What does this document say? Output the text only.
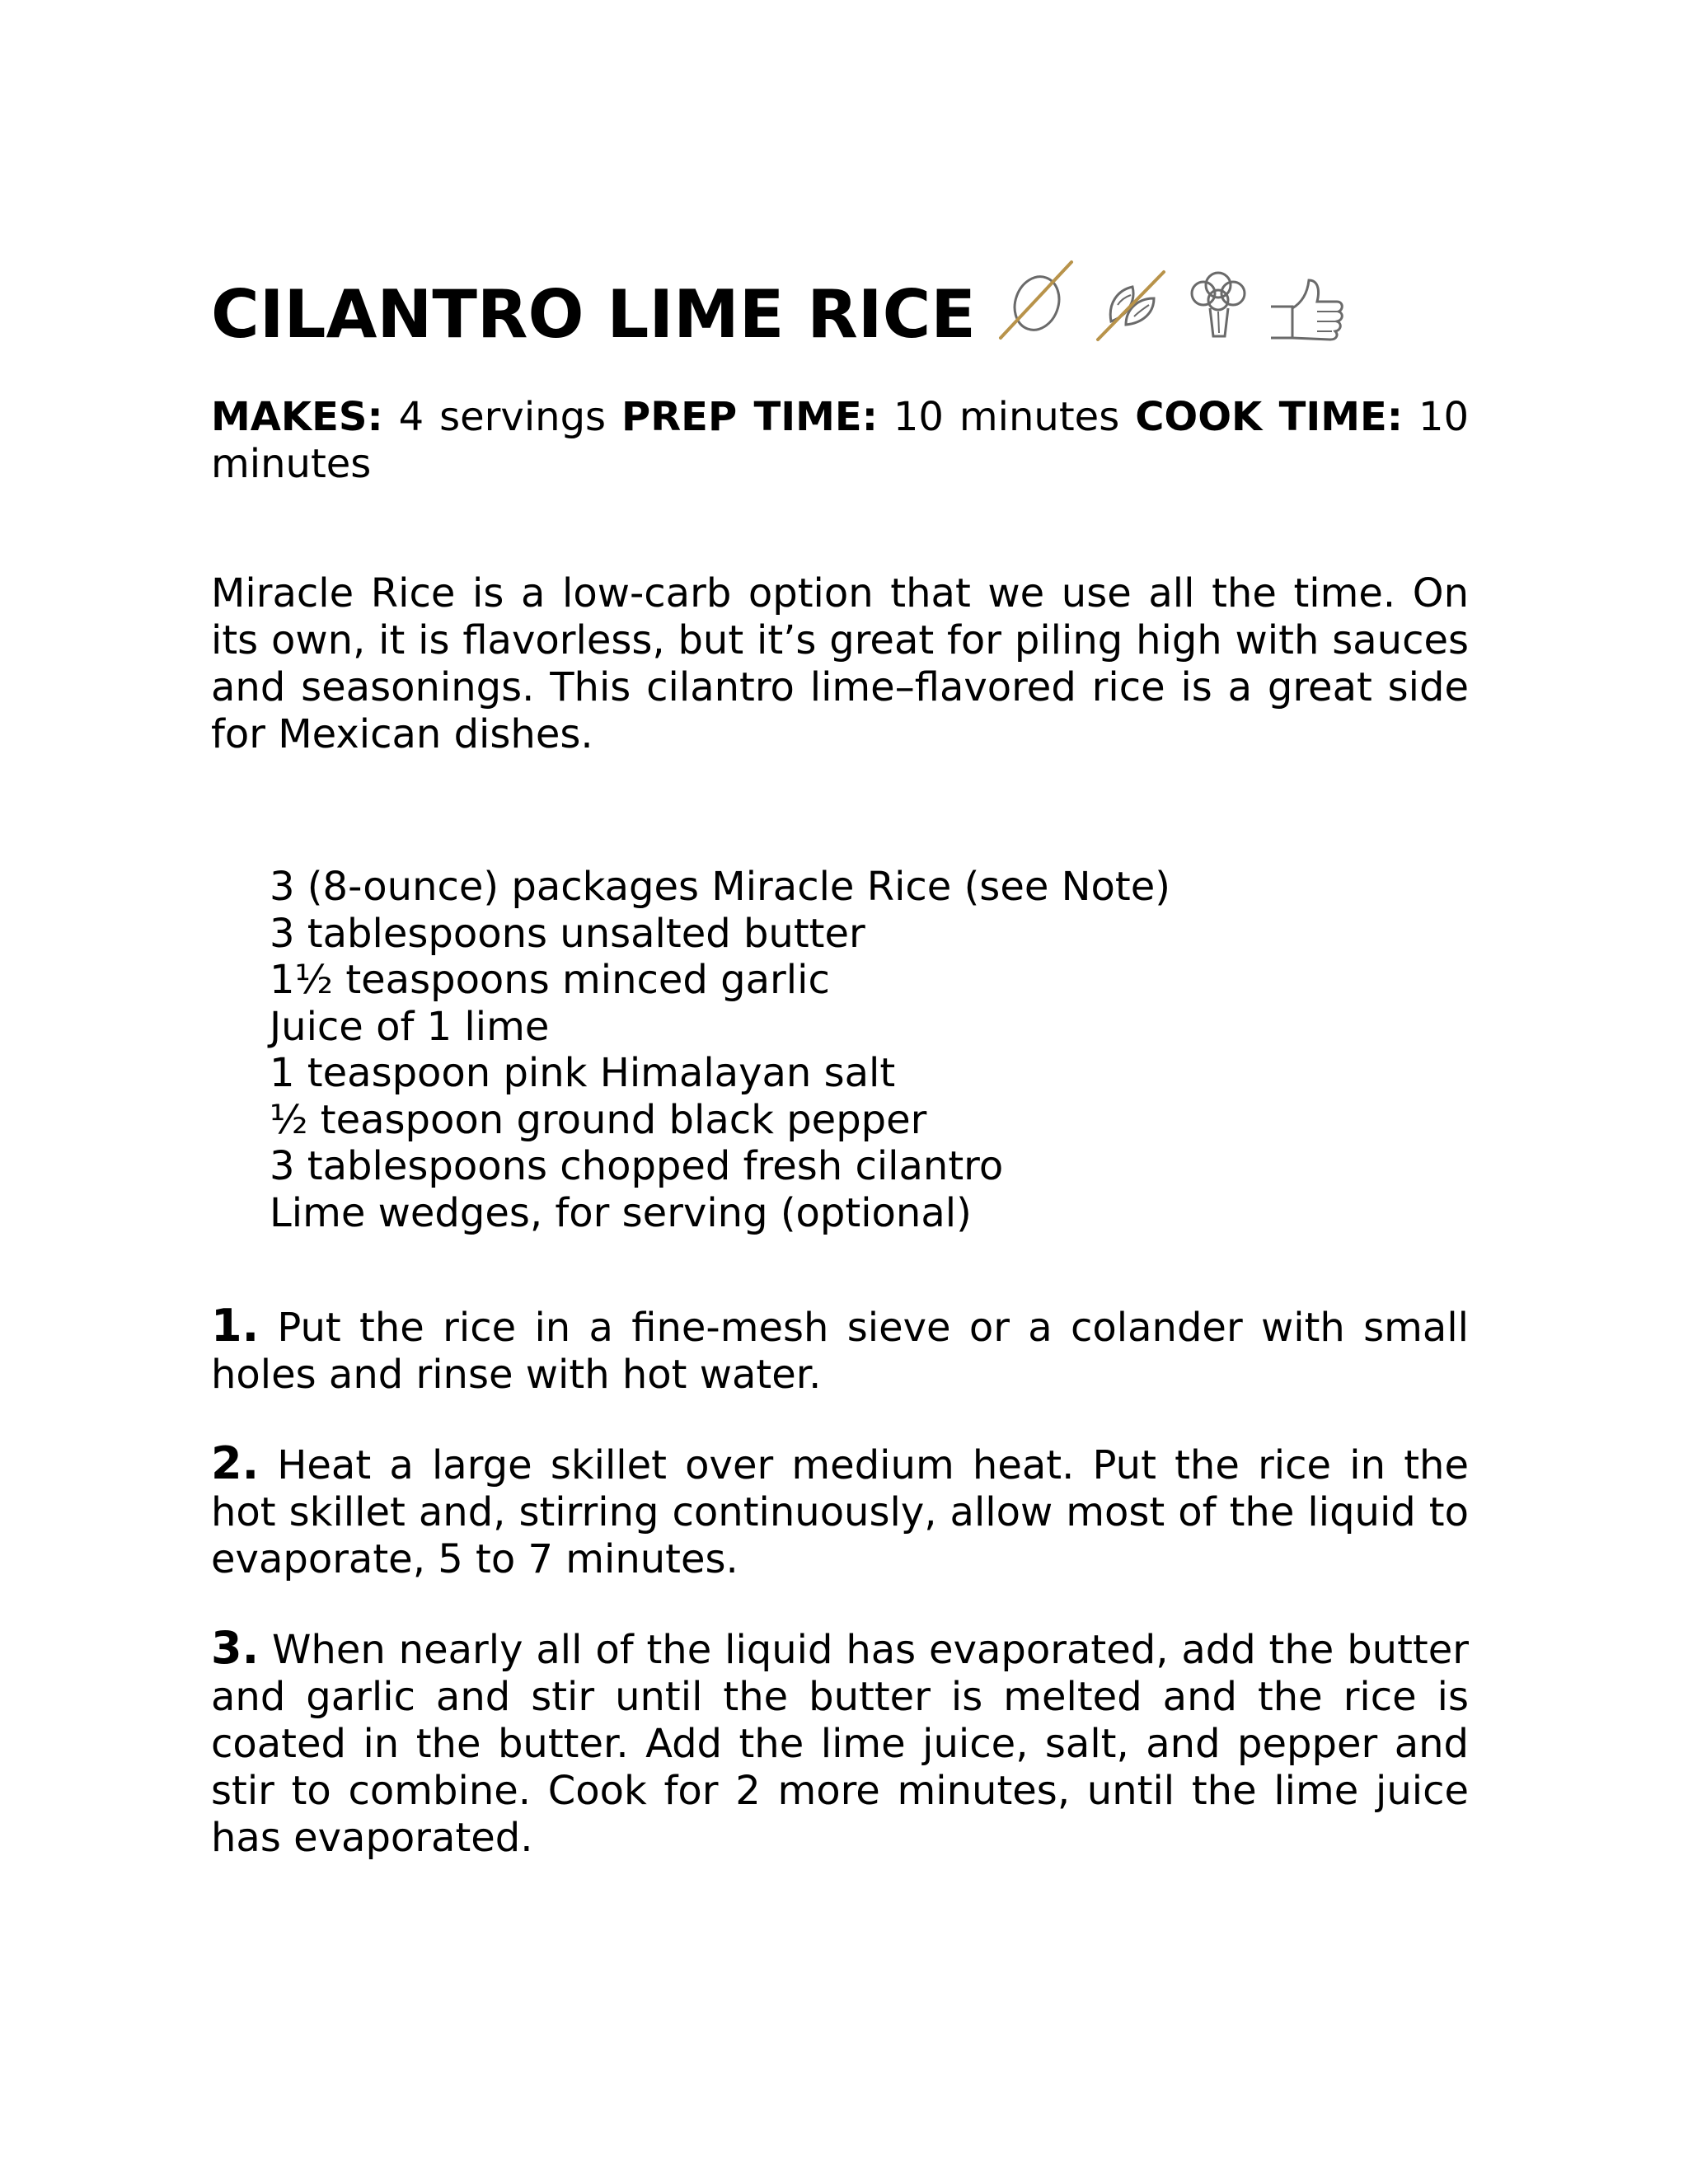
CILANTRO LIME RICE

MAKES: 4 servings PREP TIME: 10 minutes COOK TIME: 10 minutes

Miracle Rice is a low-carb option that we use all the time. On its own, it is flavorless, but it’s great for piling high with sauces and seasonings. This cilantro lime–flavored rice is a great side for Mexican dishes.

3 (8-ounce) packages Miracle Rice (see Note)
3 tablespoons unsalted butter
1½ teaspoons minced garlic
Juice of 1 lime
1 teaspoon pink Himalayan salt
½ teaspoon ground black pepper
3 tablespoons chopped fresh cilantro
Lime wedges, for serving (optional)

1. Put the rice in a fine-mesh sieve or a colander with small holes and rinse with hot water.

2. Heat a large skillet over medium heat. Put the rice in the hot skillet and, stirring continuously, allow most of the liquid to evaporate, 5 to 7 minutes.

3. When nearly all of the liquid has evaporated, add the butter and garlic and stir until the butter is melted and the rice is coated in the butter. Add the lime juice, salt, and pepper and stir to combine. Cook for 2 more minutes, until the lime juice has evaporated.
